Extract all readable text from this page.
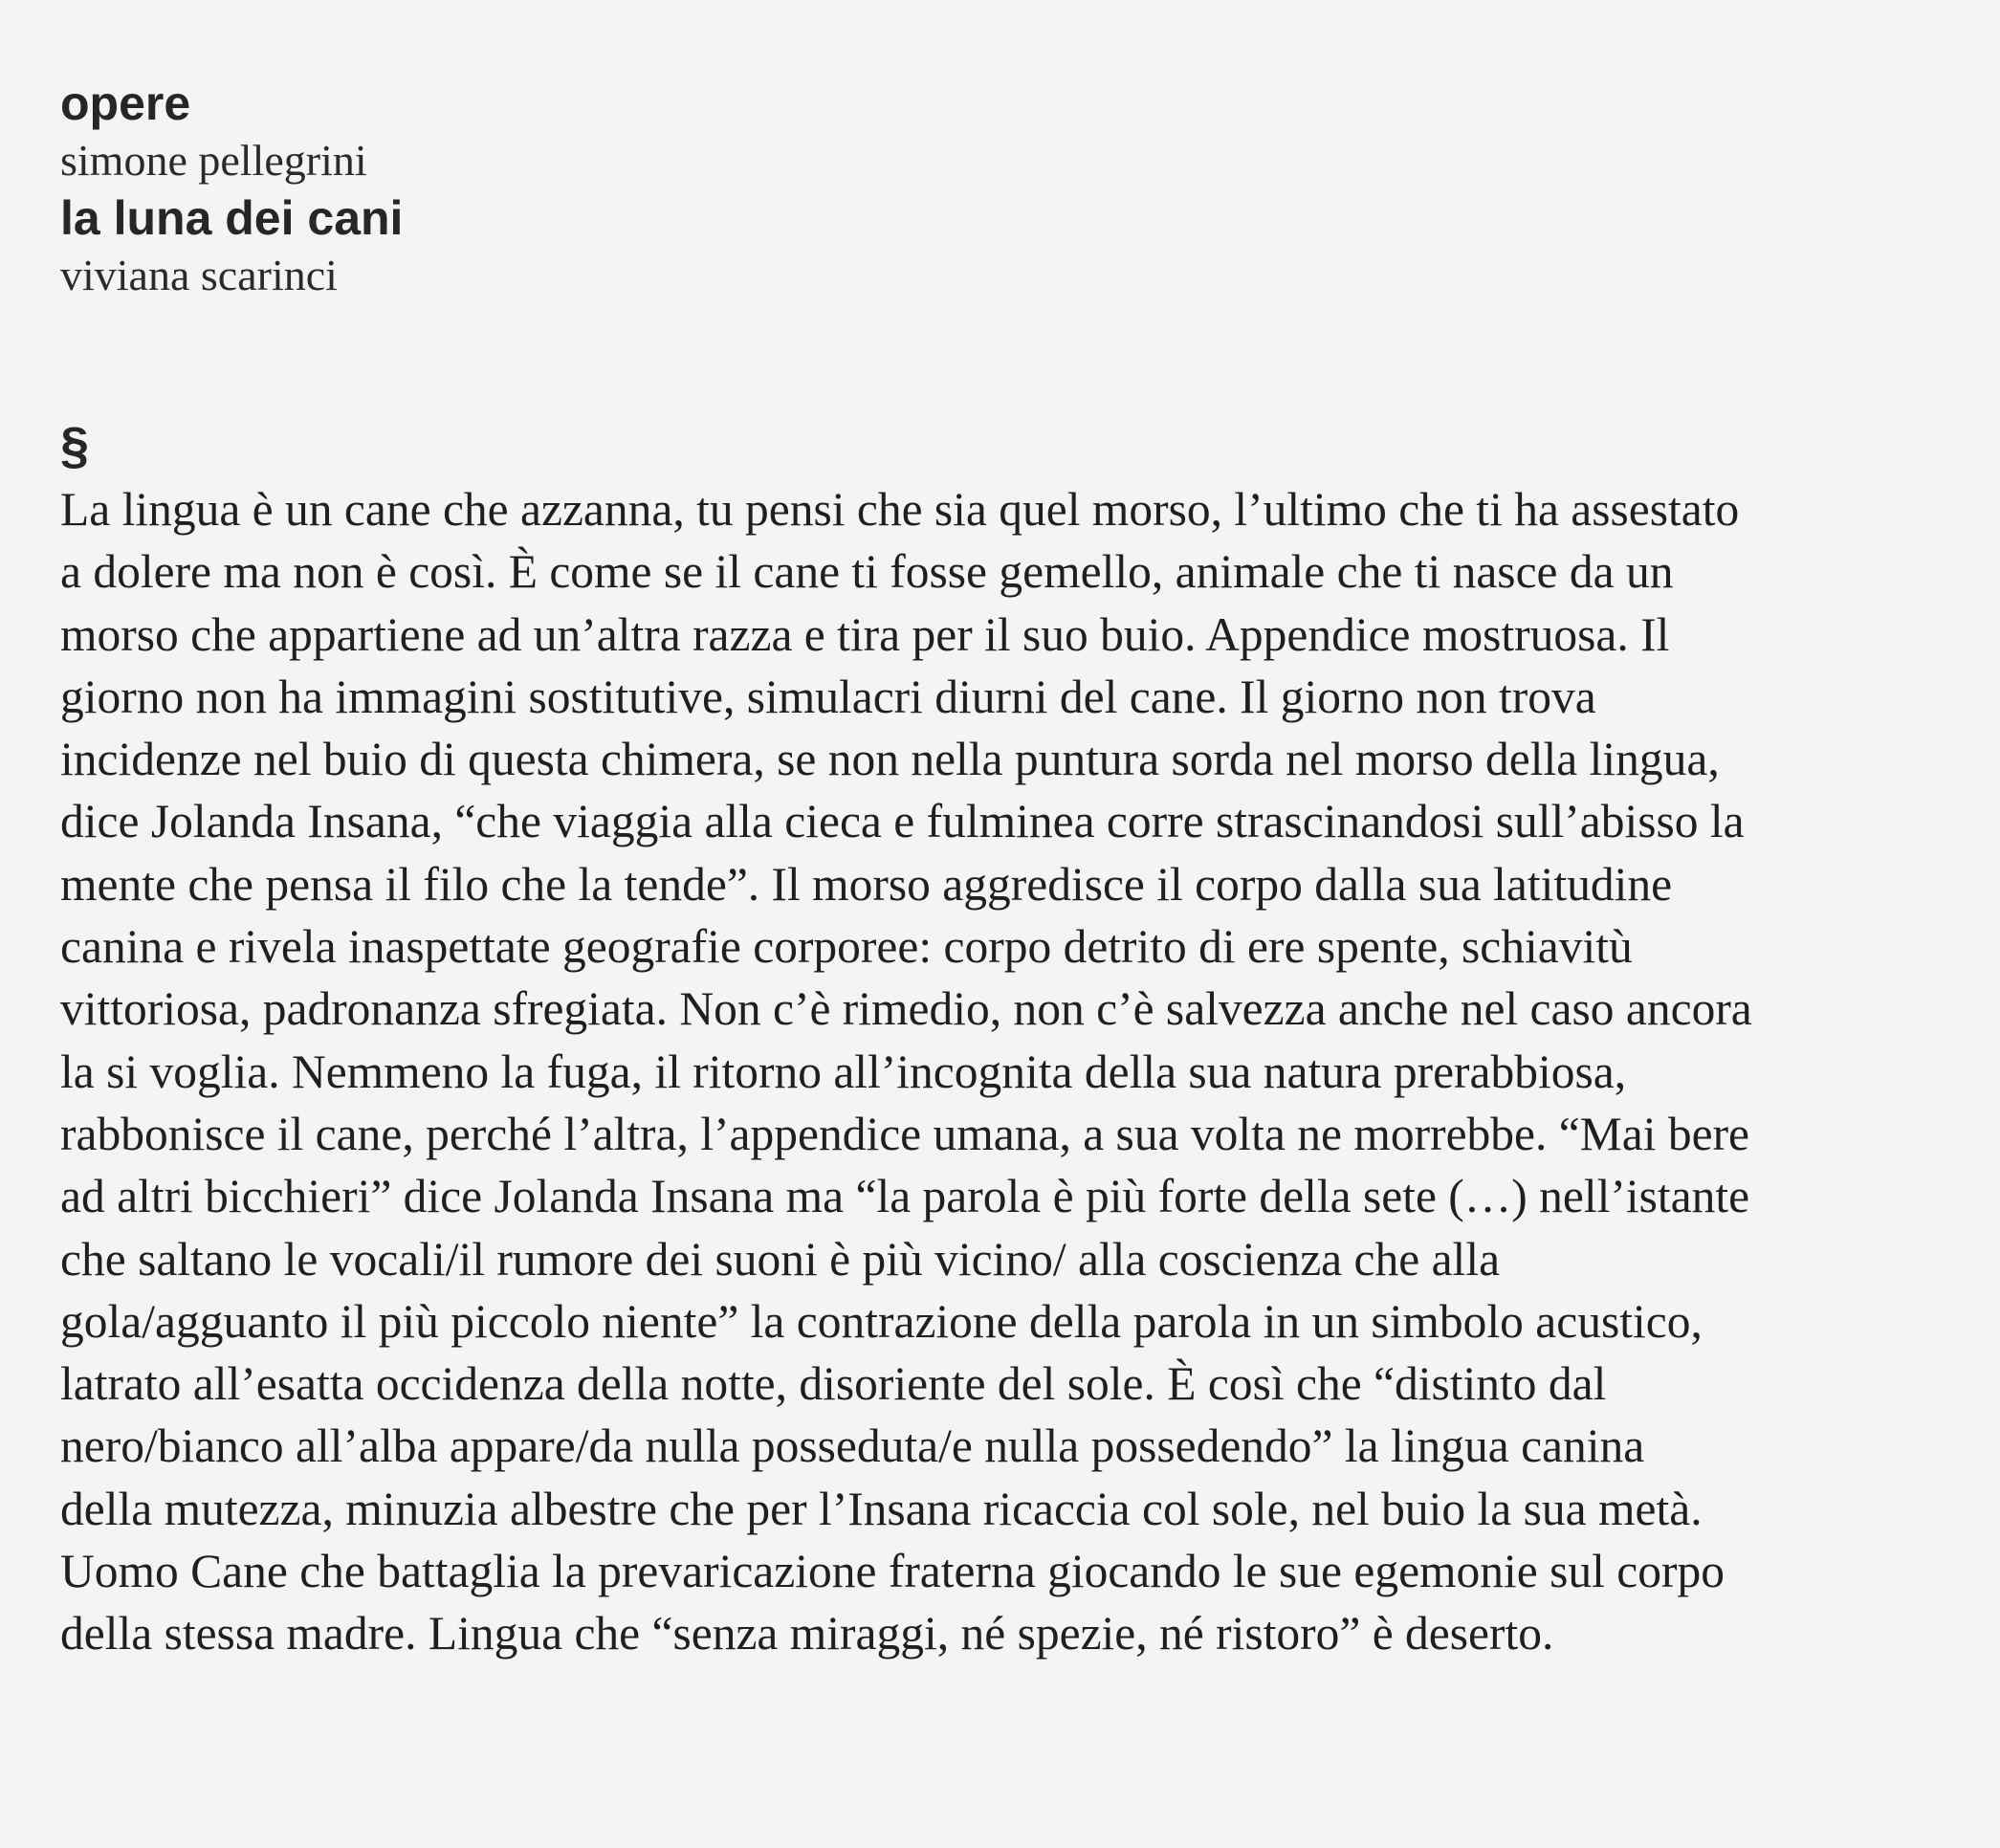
opere
simone pellegrini
la luna dei cani
viviana scarinci
§
La lingua è un cane che azzanna, tu pensi che sia quel morso, l’ultimo che ti ha assestato
a dolere ma non è così. È come se il cane ti fosse gemello, animale che ti nasce da un
morso che appartiene ad un’altra razza e tira per il suo buio. Appendice mostruosa. Il
giorno non ha immagini sostitutive, simulacri diurni del cane. Il giorno non trova
incidenze nel buio di questa chimera, se non nella puntura sorda nel morso della lingua,
dice Jolanda Insana, “che viaggia alla cieca e fulminea corre strascinandosi sull’abisso la
mente che pensa il filo che la tende”. Il morso aggredisce il corpo dalla sua latitudine
canina e rivela inaspettate geografie corporee: corpo detrito di ere spente, schiavitù
vittoriosa, padronanza sfregiata. Non c’è rimedio, non c’è salvezza anche nel caso ancora
la si voglia. Nemmeno la fuga, il ritorno all’incognita della sua natura prerabbiosa,
rabbonisce il cane, perché l’altra, l’appendice umana, a sua volta ne morrebbe. “Mai bere
ad altri bicchieri” dice Jolanda Insana ma “la parola è più forte della sete (…) nell’istante
che saltano le vocali/il rumore dei suoni è più vicino/ alla coscienza che alla
gola/agguanto il più piccolo niente” la contrazione della parola in un simbolo acustico,
latrato all’esatta occidenza della notte, disoriente del sole. È così che “distinto dal
nero/bianco all’alba appare/da nulla posseduta/e nulla possedendo” la lingua canina
della mutezza, minuzia albestre che per l’Insana ricaccia col sole, nel buio la sua metà.
Uomo Cane che battaglia la prevaricazione fraterna giocando le sue egemonie sul corpo
della stessa madre. Lingua che “senza miraggi, né spezie, né ristoro” è deserto.
